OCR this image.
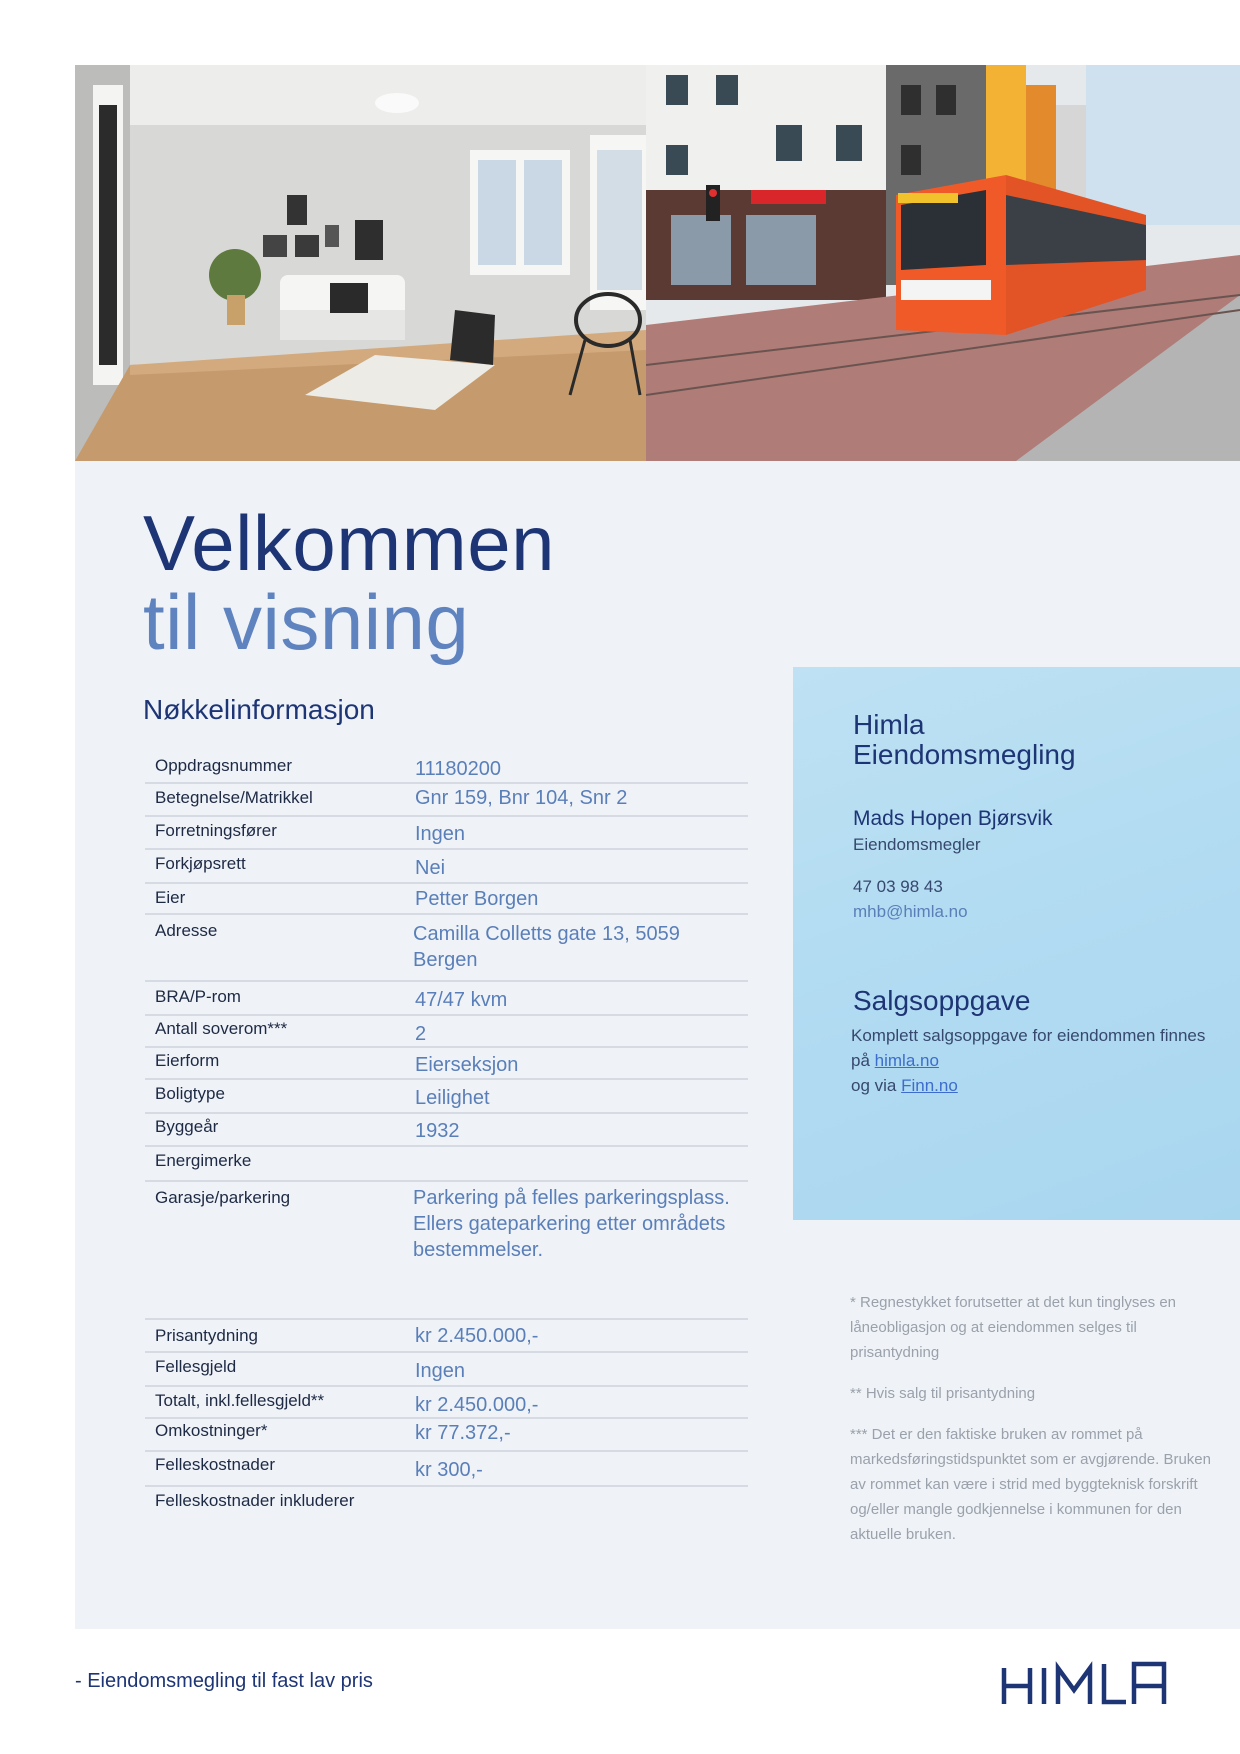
Velkommen
til visning
Nøkkelinformasjon
Oppdragsnummer	11180200
Betegnelse/Matrikkel	Gnr 159, Bnr 104, Snr 2
Forretningsfører	Ingen
Forkjøpsrett	Nei
Eier	Petter Borgen
Adresse	Camilla Colletts gate 13, 5059 Bergen
BRA/P-rom	47/47 kvm
Antall soverom***	2
Eierform	Eierseksjon
Boligtype	Leilighet
Byggeår	1932
Energimerke
Garasje/parkering	Parkering på felles parkeringsplass. Ellers gateparkering etter områdets bestemmelser.
Prisantydning	kr 2.450.000,-
Fellesgjeld	Ingen
Totalt, inkl.fellesgjeld**	kr 2.450.000,-
Omkostninger*	kr 77.372,-
Felleskostnader	kr 300,-
Felleskostnader inkluderer
Himla
Eiendomsmegling
Mads Hopen Bjørsvik
Eiendomsmegler
47 03 98 43
mhb@himla.no
Salgsoppgave
Komplett salgsoppgave for eiendommen finnes på himla.no
og via Finn.no

* Regnestykket forutsetter at det kun tinglyses en låneobligasjon og at eiendommen selges til prisantydning

** Hvis salg til prisantydning

*** Det er den faktiske bruken av rommet på markedsføringstidspunktet som er avgjørende. Bruken av rommet kan være i strid med byggteknisk forskrift og/eller mangle godkjennelse i kommunen for den aktuelle bruken.

- Eiendomsmegling til fast lav pris
